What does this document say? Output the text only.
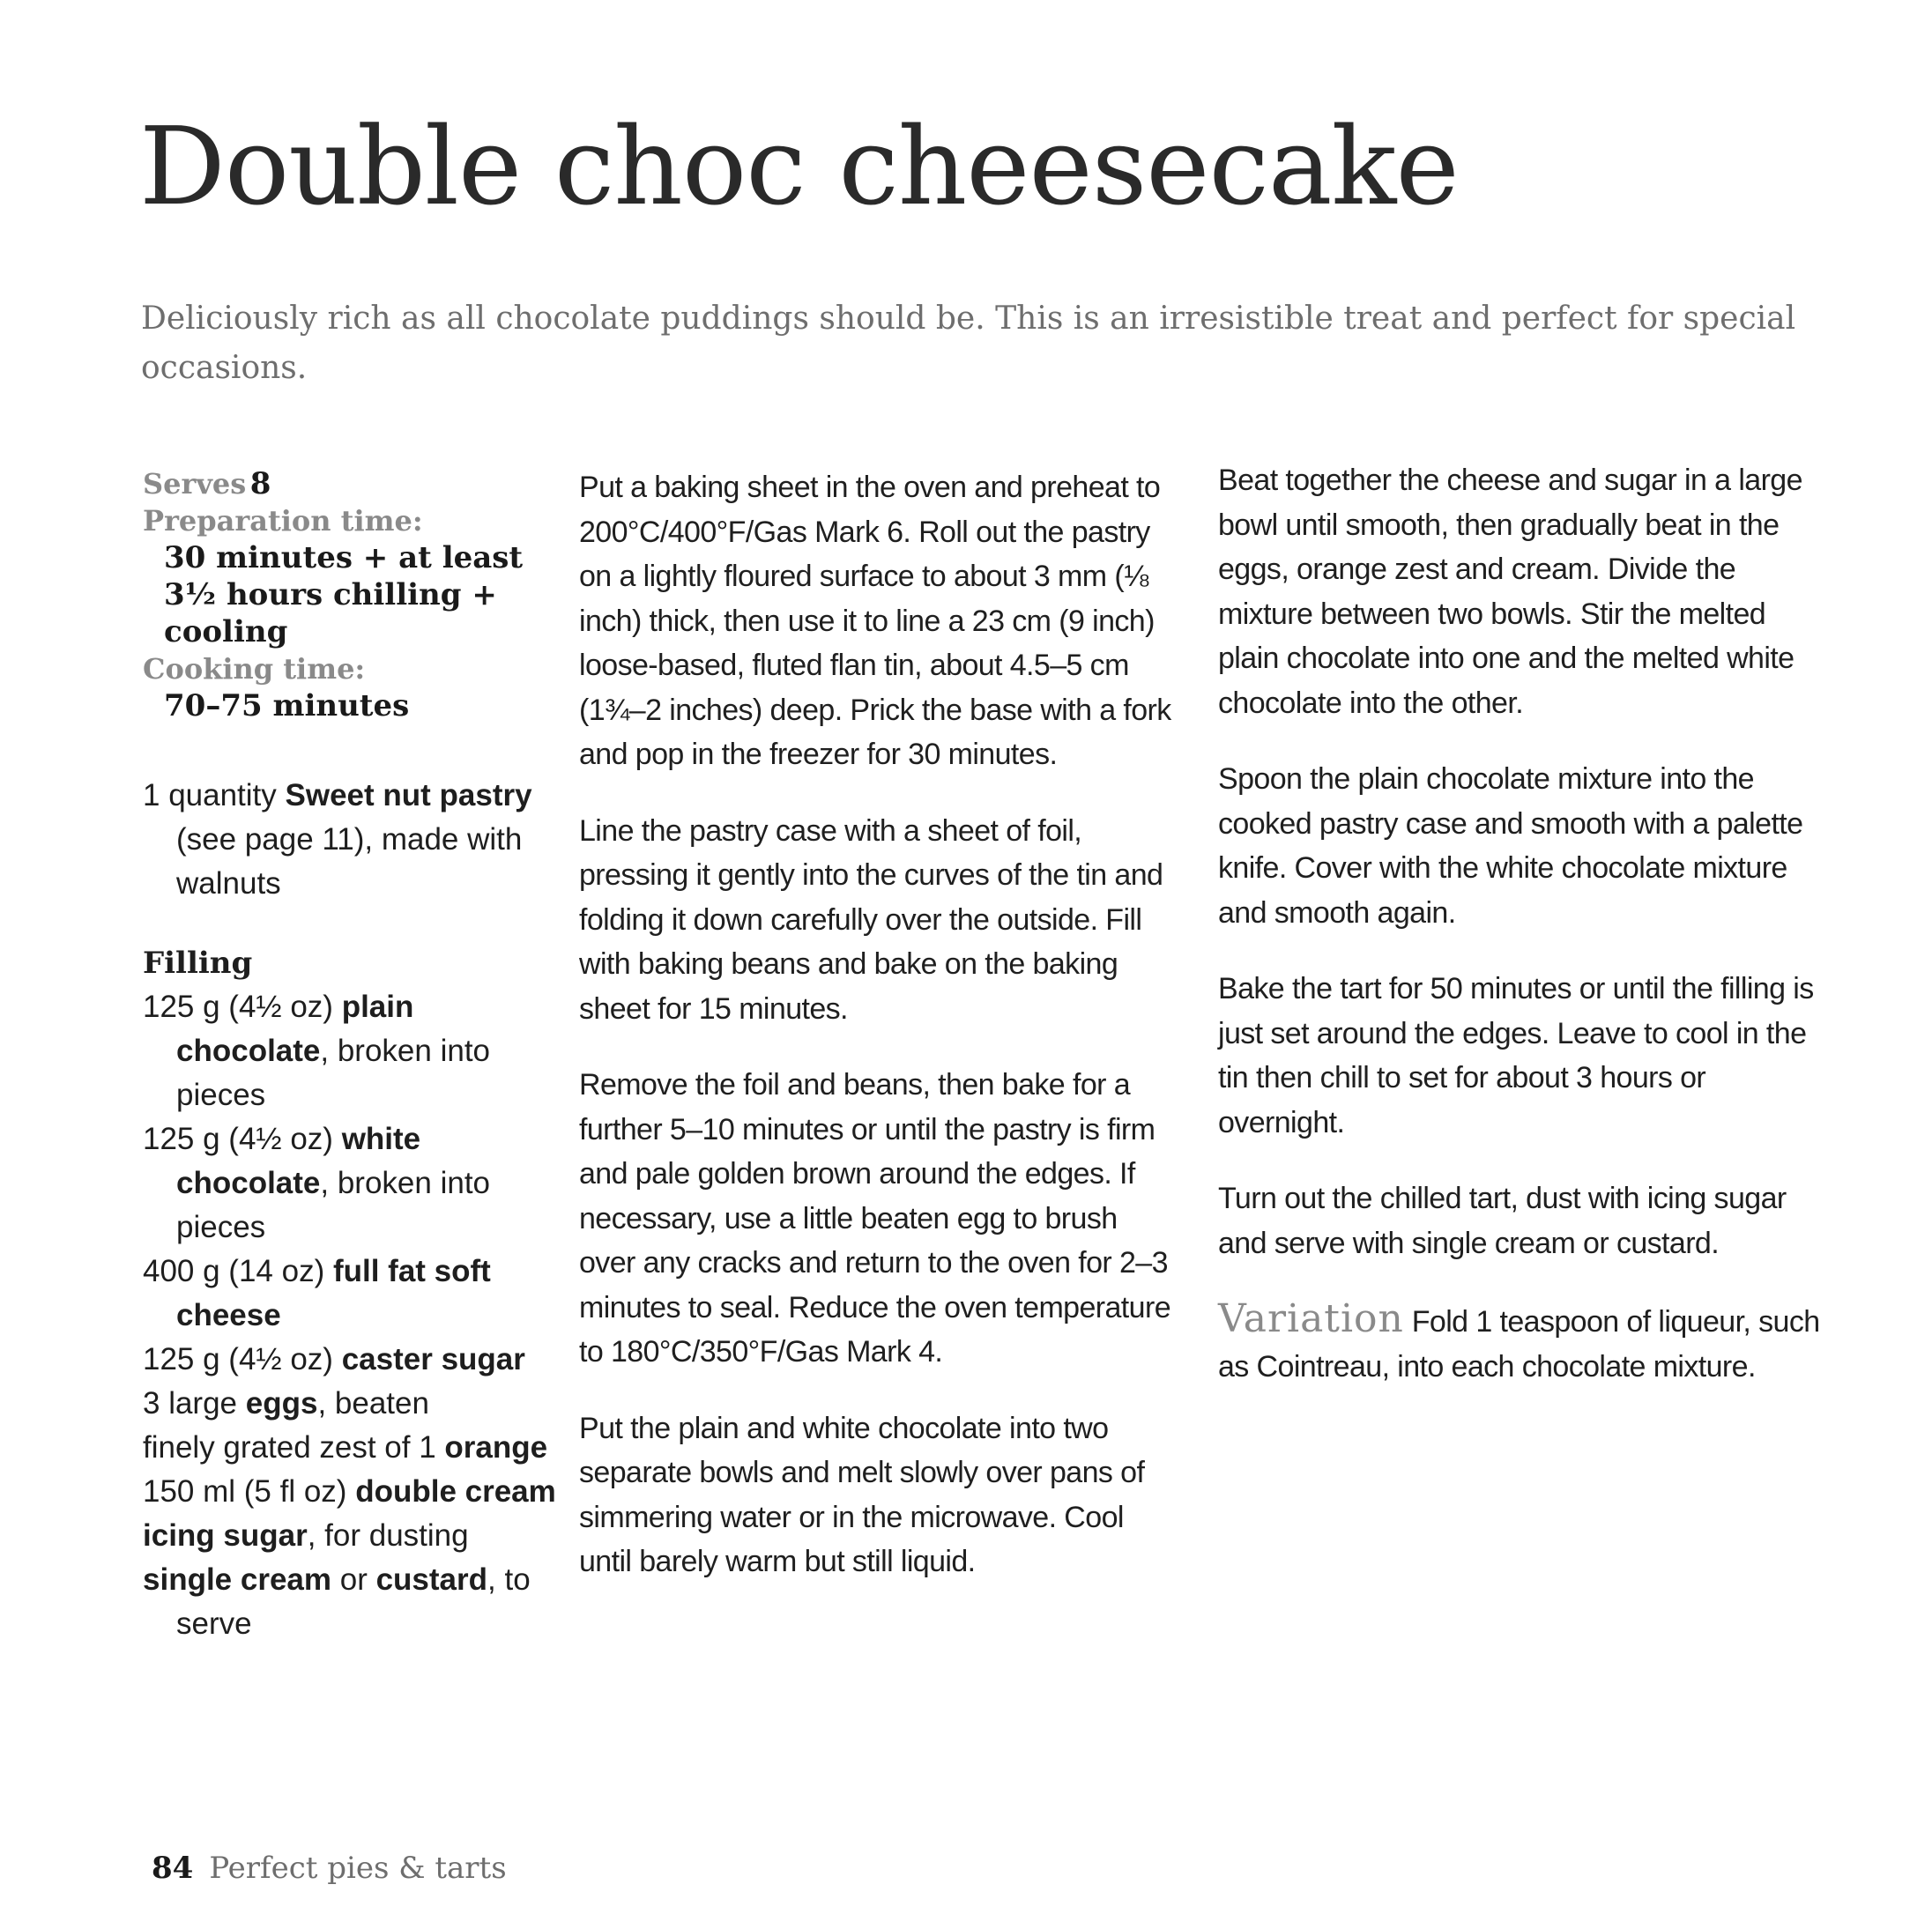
Double choc cheesecake
Deliciously rich as all chocolate puddings should be. This is an irresistible treat and perfect for special occasions.
Serves 8
Preparation time:
30 minutes + at least 3½ hours chilling + cooling
Cooking time:
70–75 minutes
1 quantity Sweet nut pastry (see page 11), made with walnuts
Filling
125 g (4½ oz) plain chocolate, broken into pieces
125 g (4½ oz) white chocolate, broken into pieces
400 g (14 oz) full fat soft cheese
125 g (4½ oz) caster sugar
3 large eggs, beaten
finely grated zest of 1 orange
150 ml (5 fl oz) double cream
icing sugar, for dusting
single cream or custard, to serve

Put a baking sheet in the oven and preheat to 200°C/400°F/Gas Mark 6. Roll out the pastry on a lightly floured surface to about 3 mm (⅛ inch) thick, then use it to line a 23 cm (9 inch) loose-based, fluted flan tin, about 4.5–5 cm (1¾–2 inches) deep. Prick the base with a fork and pop in the freezer for 30 minutes.

Line the pastry case with a sheet of foil, pressing it gently into the curves of the tin and folding it down carefully over the outside. Fill with baking beans and bake on the baking sheet for 15 minutes.

Remove the foil and beans, then bake for a further 5–10 minutes or until the pastry is firm and pale golden brown around the edges. If necessary, use a little beaten egg to brush over any cracks and return to the oven for 2–3 minutes to seal. Reduce the oven temperature to 180°C/350°F/Gas Mark 4.

Put the plain and white chocolate into two separate bowls and melt slowly over pans of simmering water or in the microwave. Cool until barely warm but still liquid.

Beat together the cheese and sugar in a large bowl until smooth, then gradually beat in the eggs, orange zest and cream. Divide the mixture between two bowls. Stir the melted plain chocolate into one and the melted white chocolate into the other.

Spoon the plain chocolate mixture into the cooked pastry case and smooth with a palette knife. Cover with the white chocolate mixture and smooth again.

Bake the tart for 50 minutes or until the filling is just set around the edges. Leave to cool in the tin then chill to set for about 3 hours or overnight.

Turn out the chilled tart, dust with icing sugar and serve with single cream or custard.

Variation Fold 1 teaspoon of liqueur, such as Cointreau, into each chocolate mixture.

84 Perfect pies & tarts
